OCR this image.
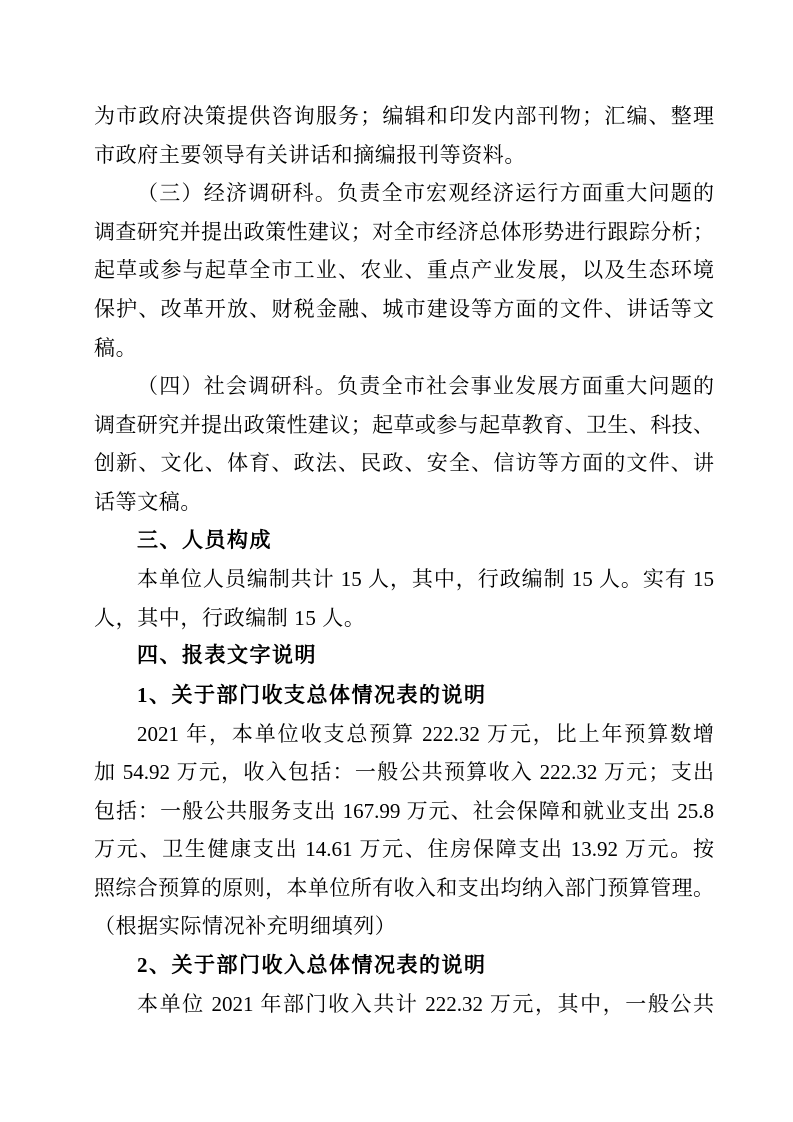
为市政府决策提供咨询服务；编辑和印发内部刊物；汇编、整理
市政府主要领导有关讲话和摘编报刊等资料。
（三）经济调研科。负责全市宏观经济运行方面重大问题的
调查研究并提出政策性建议；对全市经济总体形势进行跟踪分析；
起草或参与起草全市工业、农业、重点产业发展，以及生态环境
保护、改革开放、财税金融、城市建设等方面的文件、讲话等文
稿。
（四）社会调研科。负责全市社会事业发展方面重大问题的
调查研究并提出政策性建议；起草或参与起草教育、卫生、科技、
创新、文化、体育、政法、民政、安全、信访等方面的文件、讲
话等文稿。
三、人员构成
本单位人员编制共计 15 人，其中，行政编制 15 人。实有 15
人，其中，行政编制 15 人。
四、报表文字说明
1、关于部门收支总体情况表的说明
2021 年，本单位收支总预算 222.32 万元，比上年预算数增
加 54.92 万元，收入包括：一般公共预算收入 222.32 万元；支出
包括：一般公共服务支出 167.99 万元、社会保障和就业支出 25.8
万元、卫生健康支出 14.61 万元、住房保障支出 13.92 万元。按
照综合预算的原则，本单位所有收入和支出均纳入部门预算管理。
（根据实际情况补充明细填列）
2、关于部门收入总体情况表的说明
本单位 2021 年部门收入共计 222.32 万元，其中，一般公共
